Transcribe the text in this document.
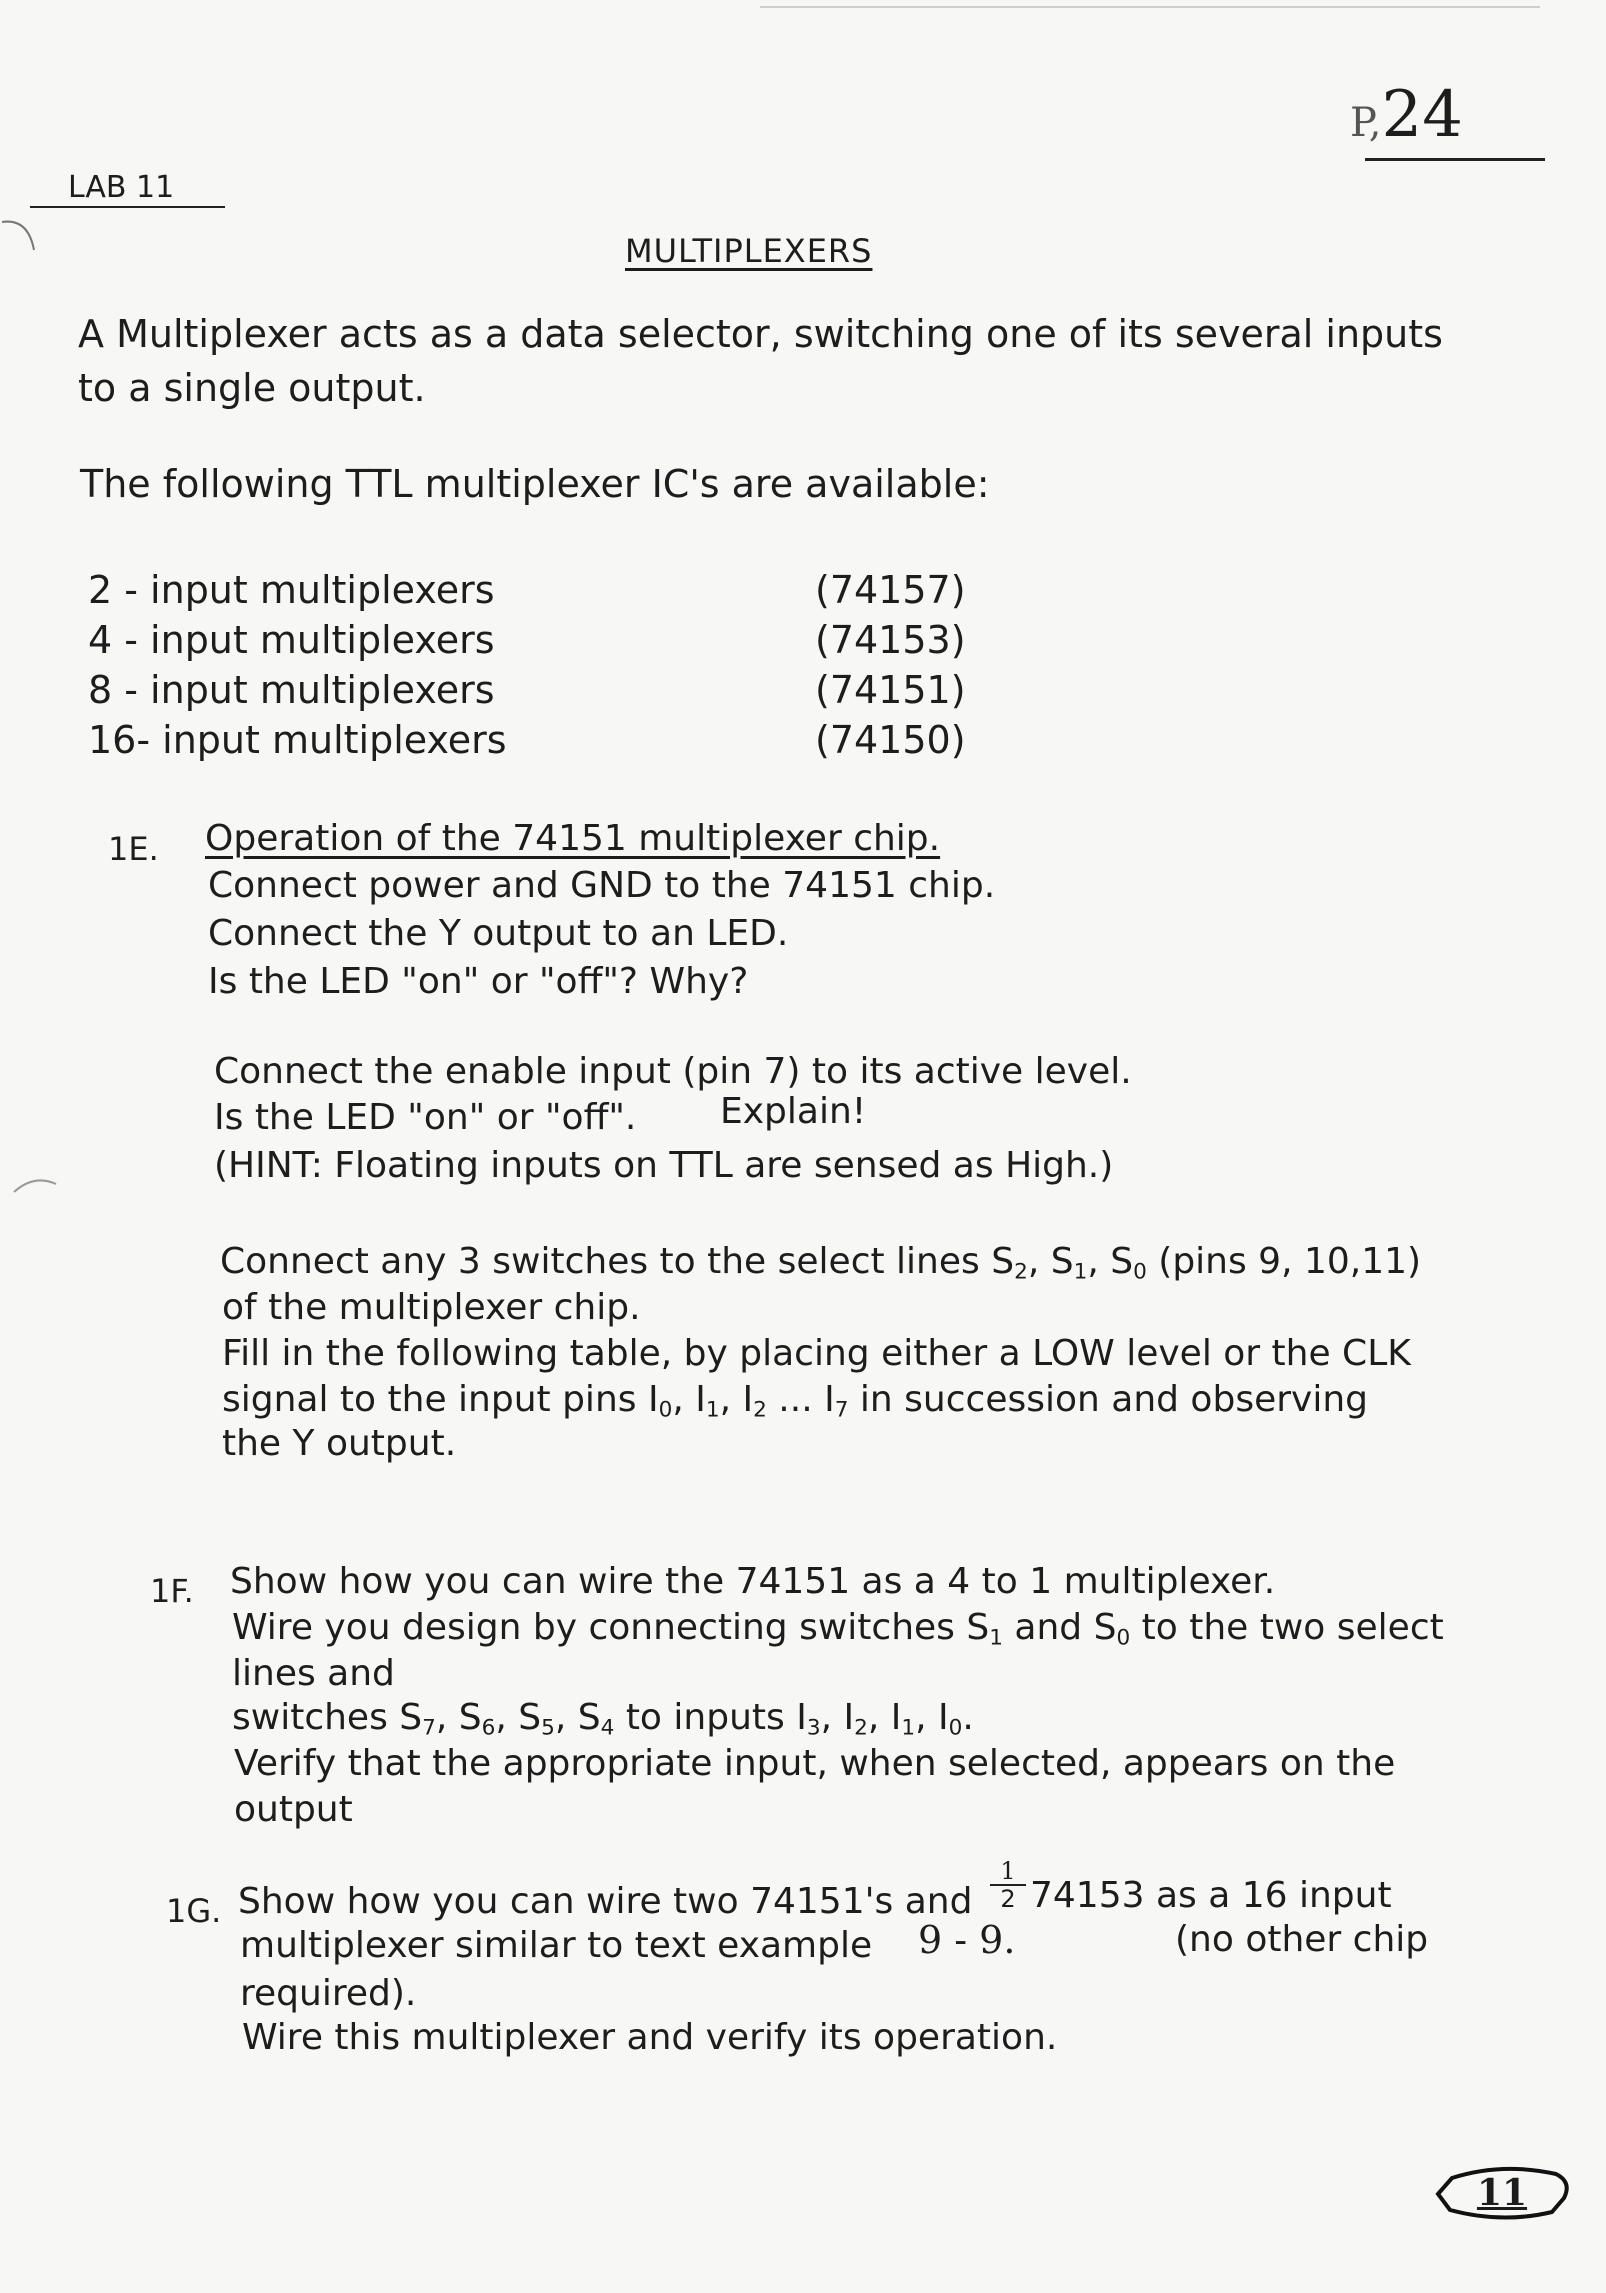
P,24
LAB 11
MULTIPLEXERS
A Multiplexer acts as a data selector, switching one of its several inputs
to a single output.
The following TTL multiplexer IC's are available:
2 - input multiplexers	(74157)
4 - input multiplexers	(74153)
8 - input multiplexers	(74151)
16- input multiplexers	(74150)
1E. Operation of the 74151 multiplexer chip.
Connect power and GND to the 74151 chip.
Connect the Y output to an LED.
Is the LED "on" or "off"? Why?
Connect the enable input (pin 7) to its active level.
Is the LED "on" or "off". Explain!
(HINT: Floating inputs on TTL are sensed as High.)
Connect any 3 switches to the select lines $S_2$, $S_1$, $S_0$ (pins 9, 10,11)
of the multiplexer chip.
Fill in the following table, by placing either a LOW level or the CLK
signal to the input pins $I_0$, $I_1$, $I_2$ ... $I_7$ in succession and observing
the Y output.
1F. Show how you can wire the 74151 as a 4 to 1 multiplexer.
Wire you design by connecting switches $S_1$ and $S_0$ to the two select
lines and
switches $S_7$, $S_6$, $S_5$, $S_4$ to inputs $I_3$, $I_2$, $I_1$, $I_0$.
Verify that the appropriate input, when selected, appears on the
output
1G. Show how you can wire two 74151's and $\frac{1}{2} 74153$ as a 16 input
multiplexer similar to text example 9 - 9.	(no other chip
required).
Wire this multiplexer and verify its operation.
11
